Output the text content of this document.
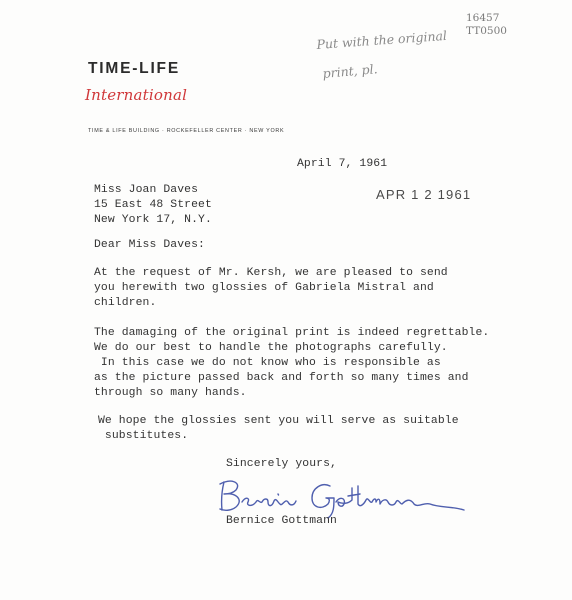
TIME-LIFE
International
TIME & LIFE BUILDING · ROCKEFELLER CENTER · NEW YORK
Put with the original
print, pl.
16457
TT0500
April 7, 1961
APR 1 2 1961
Miss Joan Daves
15 East 48 Street
New York 17, N.Y.
Dear Miss Daves:
At the request of Mr. Kersh, we are pleased to send
you herewith two glossies of Gabriela Mistral and
children.
The damaging of the original print is indeed regrettable.
We do our best to handle the photographs carefully.
In this case we do not know who is responsible as
as the picture passed back and forth so many times and
through so many hands.
We hope the glossies sent you will serve as suitable
substitutes.
Sincerely yours,
Bernice Gottmann
